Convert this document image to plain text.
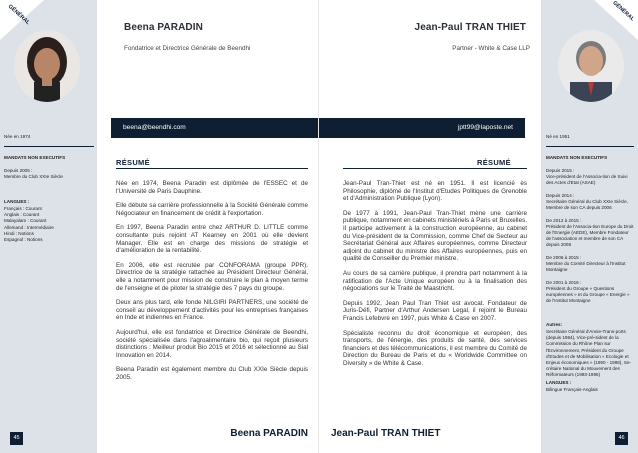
GÉNÉRAL
Beena PARADIN
Fondatrice et Directrice Générale de Beendhi
beena@beendhi.com
Née en 1974
MANDATS NON EXECUTIFS
Depuis 2005 :
Membre du Club XXIe Siècle
LANGUES :
Français : Courant
Anglais : Courant
Malayalam : Courant
Allemand : Intermédiaire
Hindi : Notions
Espagnol : Notions
RÉSUMÉ

Née en 1974, Beena Paradin est diplômée de l'ESSEC et de l'Université de Paris Dauphine.

Elle débute sa carrière professionnelle à la Société Générale comme Négociateur en financement de crédit à l'exportation.

En 1997, Beena Paradin entre chez ARTHUR D. LITTLE comme consultante puis rejoint AT Kearney en 2001 où elle devient Manager. Elle est en charge des missions de stratégie et d'amélioration de la rentabilité.

En 2006, elle est recrutée par CONFORAMA (groupe PPR). Directrice de la stratégie rattachée au Président Directeur Général, elle a notamment pour mission de construire le plan à moyen terme de l'enseigne et de piloter la stratégie des 7 pays du groupe.

Deux ans plus tard, elle fonde NILGIRI PARTNERS, une société de conseil au développement d'activités pour les entreprises françaises en Inde et indiennes en France.

Aujourd'hui, elle est fondatrice et Directrice Générale de Beendhi, société spécialisée dans l'agroalimentaire bio, qui reçoit plusieurs distinctions : Meilleur produit Bio 2015 et 2016 et sélectionné au Sial Innovation en 2014.

Beena Paradin est également membre du Club XXIe Siècle depuis 2005.

45	Beena PARADIN
GÉNÉRAL
Jean-Paul TRAN THIET
Partner - White & Case LLP
jptt99@laposte.net
Né en 1951
MANDATS NON EXECUTIFS
Depuis 2015 :
Vice-président de l'Associa-tion de Suivi des Actes d'Etat (ASAE)

Depuis 2014 :
Secrétaire Général du Club XXIe Siècle, Membre de son CA depuis 2006

De 2012 à 2015 :
Président de l'Associa-tion Europe du Droit de l'Energie (AEDE), Membre Fondateur de l'association et membre de son CA depuis 2008

De 2006 à 2015 :
Membre du Comité Directeur à l'Institut Montaigne

De 2001 à 2016 :
Président du Groupe « Questions européennes » et du Groupe « Energie » de l'Institut Montaigne
Autres:
Secrétaire Général d'Annie-Trans-ports (depuis 1984), Vice-pré-sident de la Commission du Rhône Plan sur l'Environnement, Président du Groupe d'Etudes et de Mobilisation « Ecologie et Enjeux économiques » (1990 - 1998), Se-crétaire National du Mouvement des Réformateurs (1993-1995)
LANGUES :
Bilingue Français-Anglais
RÉSUMÉ

Jean-Paul Tran-Thiet est né en 1951. Il est licencié ès Philosophie, diplômé de l'Institut d'Etudes Politiques de Grenoble et d'Administration Publique (Lyon).

De 1977 à 1991, Jean-Paul Tran-Thiet mène une carrière publique, notamment en cabinets ministériels à Paris et Bruxelles. Il participe activement à la construction européenne, au cabinet du Vice-président de la Commission, comme Chef de Secteur au Secrétariat Général aux Affaires européennes, comme Directeur adjoint du cabinet du ministre des Affaires européennes, puis en qualité de Conseiller du Premier ministre.

Au cours de sa carrière publique, il prendra part notamment à la ratification de l'Acte Unique européen ou à la finalisation des négociations sur le Traité de Maastricht.

Depuis 1992, Jean Paul Tran Thiet est avocat. Fondateur de Juris-Défi, Partner d'Arthur Andersen Legal, il rejoint le Bureau Francis Lefebvre en 1997, puis White & Case en 2007.

Spécialiste reconnu du droit économique et européen, des transports, de l'énergie, des produits de santé, des services financiers et des télécommunications, il est membre du Comité de Direction du Bureau de Paris et du « Worldwide Committee on Diversity » de White & Case.

Jean-Paul TRAN THIET	46
